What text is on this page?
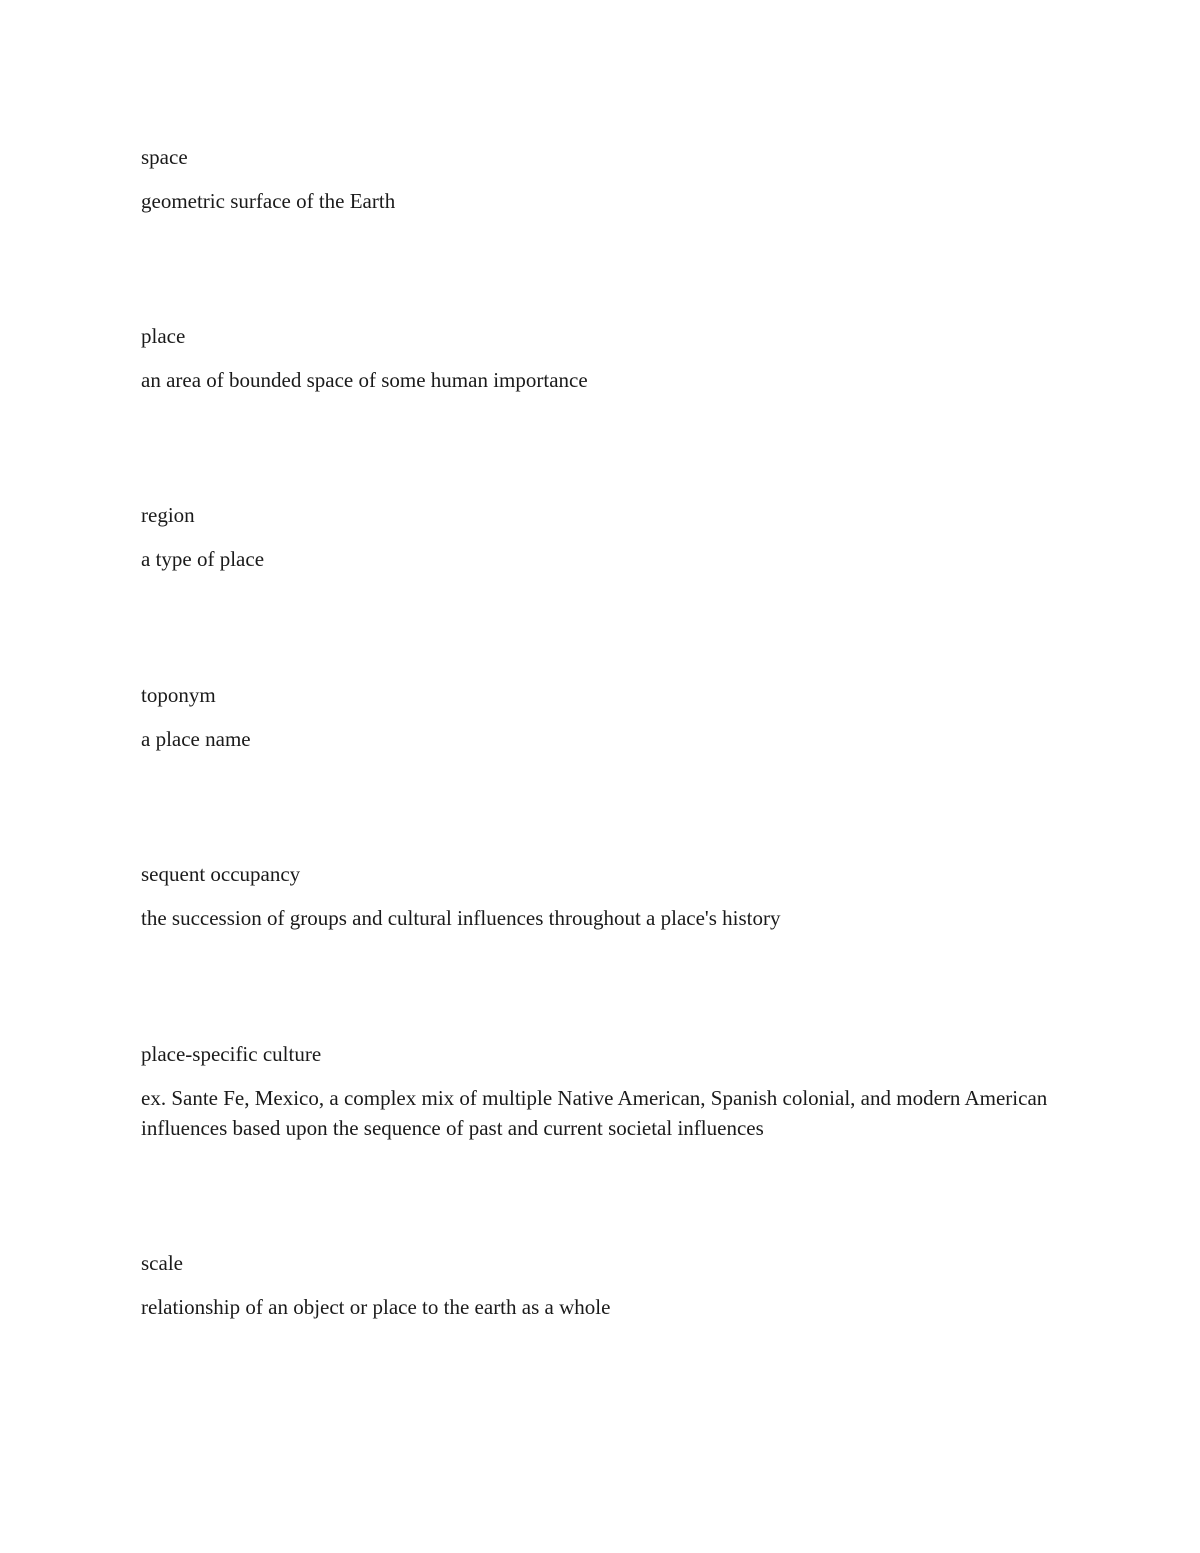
space
geometric surface of the Earth
place
an area of bounded space of some human importance
region
a type of place
toponym
a place name
sequent occupancy
the succession of groups and cultural influences throughout a place's history
place-specific culture
ex. Sante Fe, Mexico, a complex mix of multiple Native American, Spanish colonial, and modern American influences based upon the sequence of past and current societal influences
scale
relationship of an object or place to the earth as a whole
